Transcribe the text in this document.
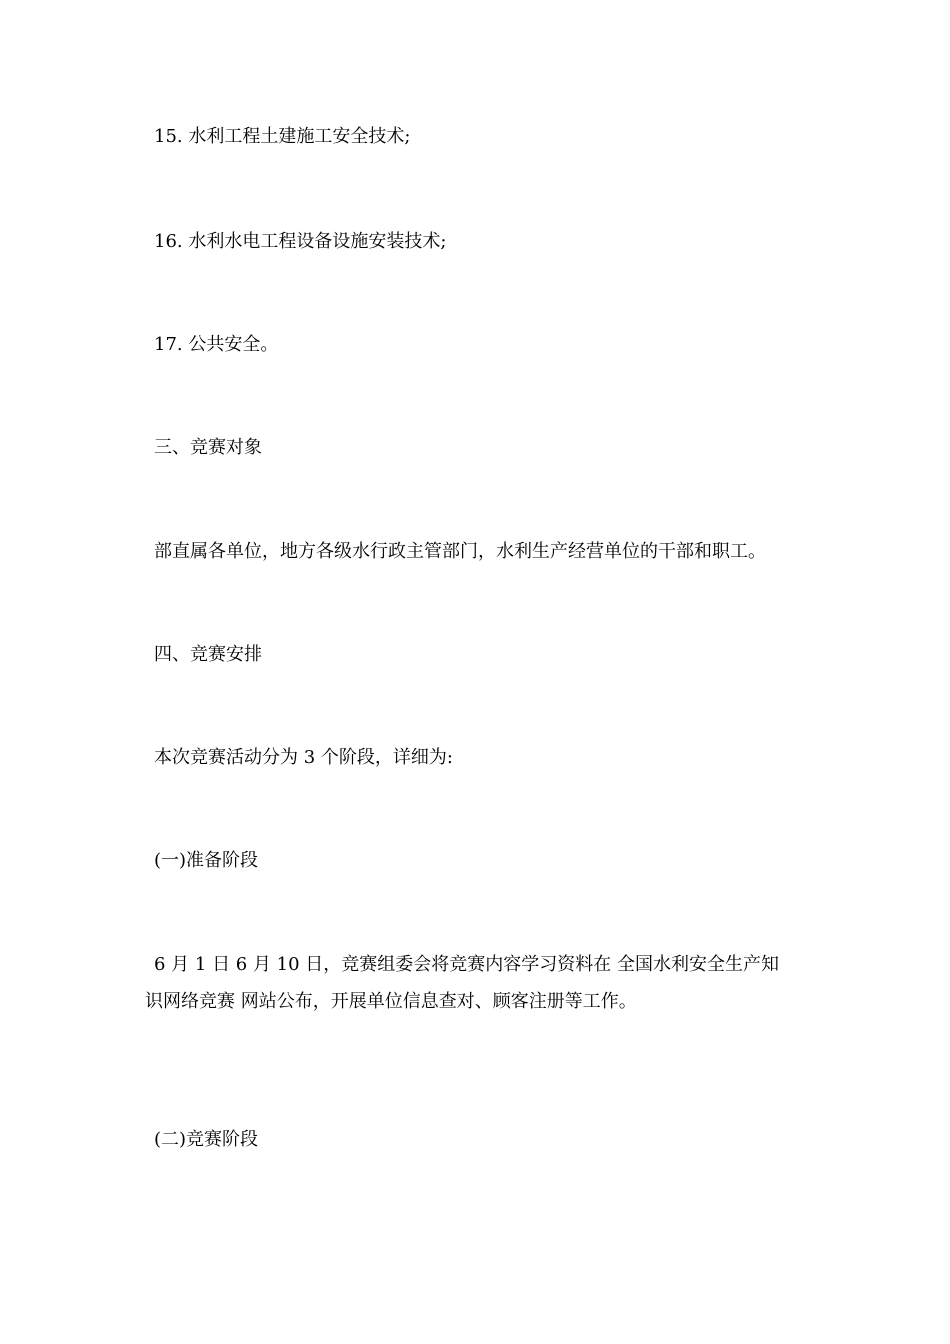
15. 水利工程土建施工安全技术;
16. 水利水电工程设备设施安装技术;
17. 公共安全。
三、竞赛对象
部直属各单位，地方各级水行政主管部门，水利生产经营单位的干部和职工。
四、竞赛安排
本次竞赛活动分为 3 个阶段，详细为:
(一)准备阶段
6 月 1 日 6 月 10 日，竞赛组委会将竞赛内容学习资料在 全国水利安全生产知
识网络竞赛 网站公布，开展单位信息查对、顾客注册等工作。
(二)竞赛阶段
